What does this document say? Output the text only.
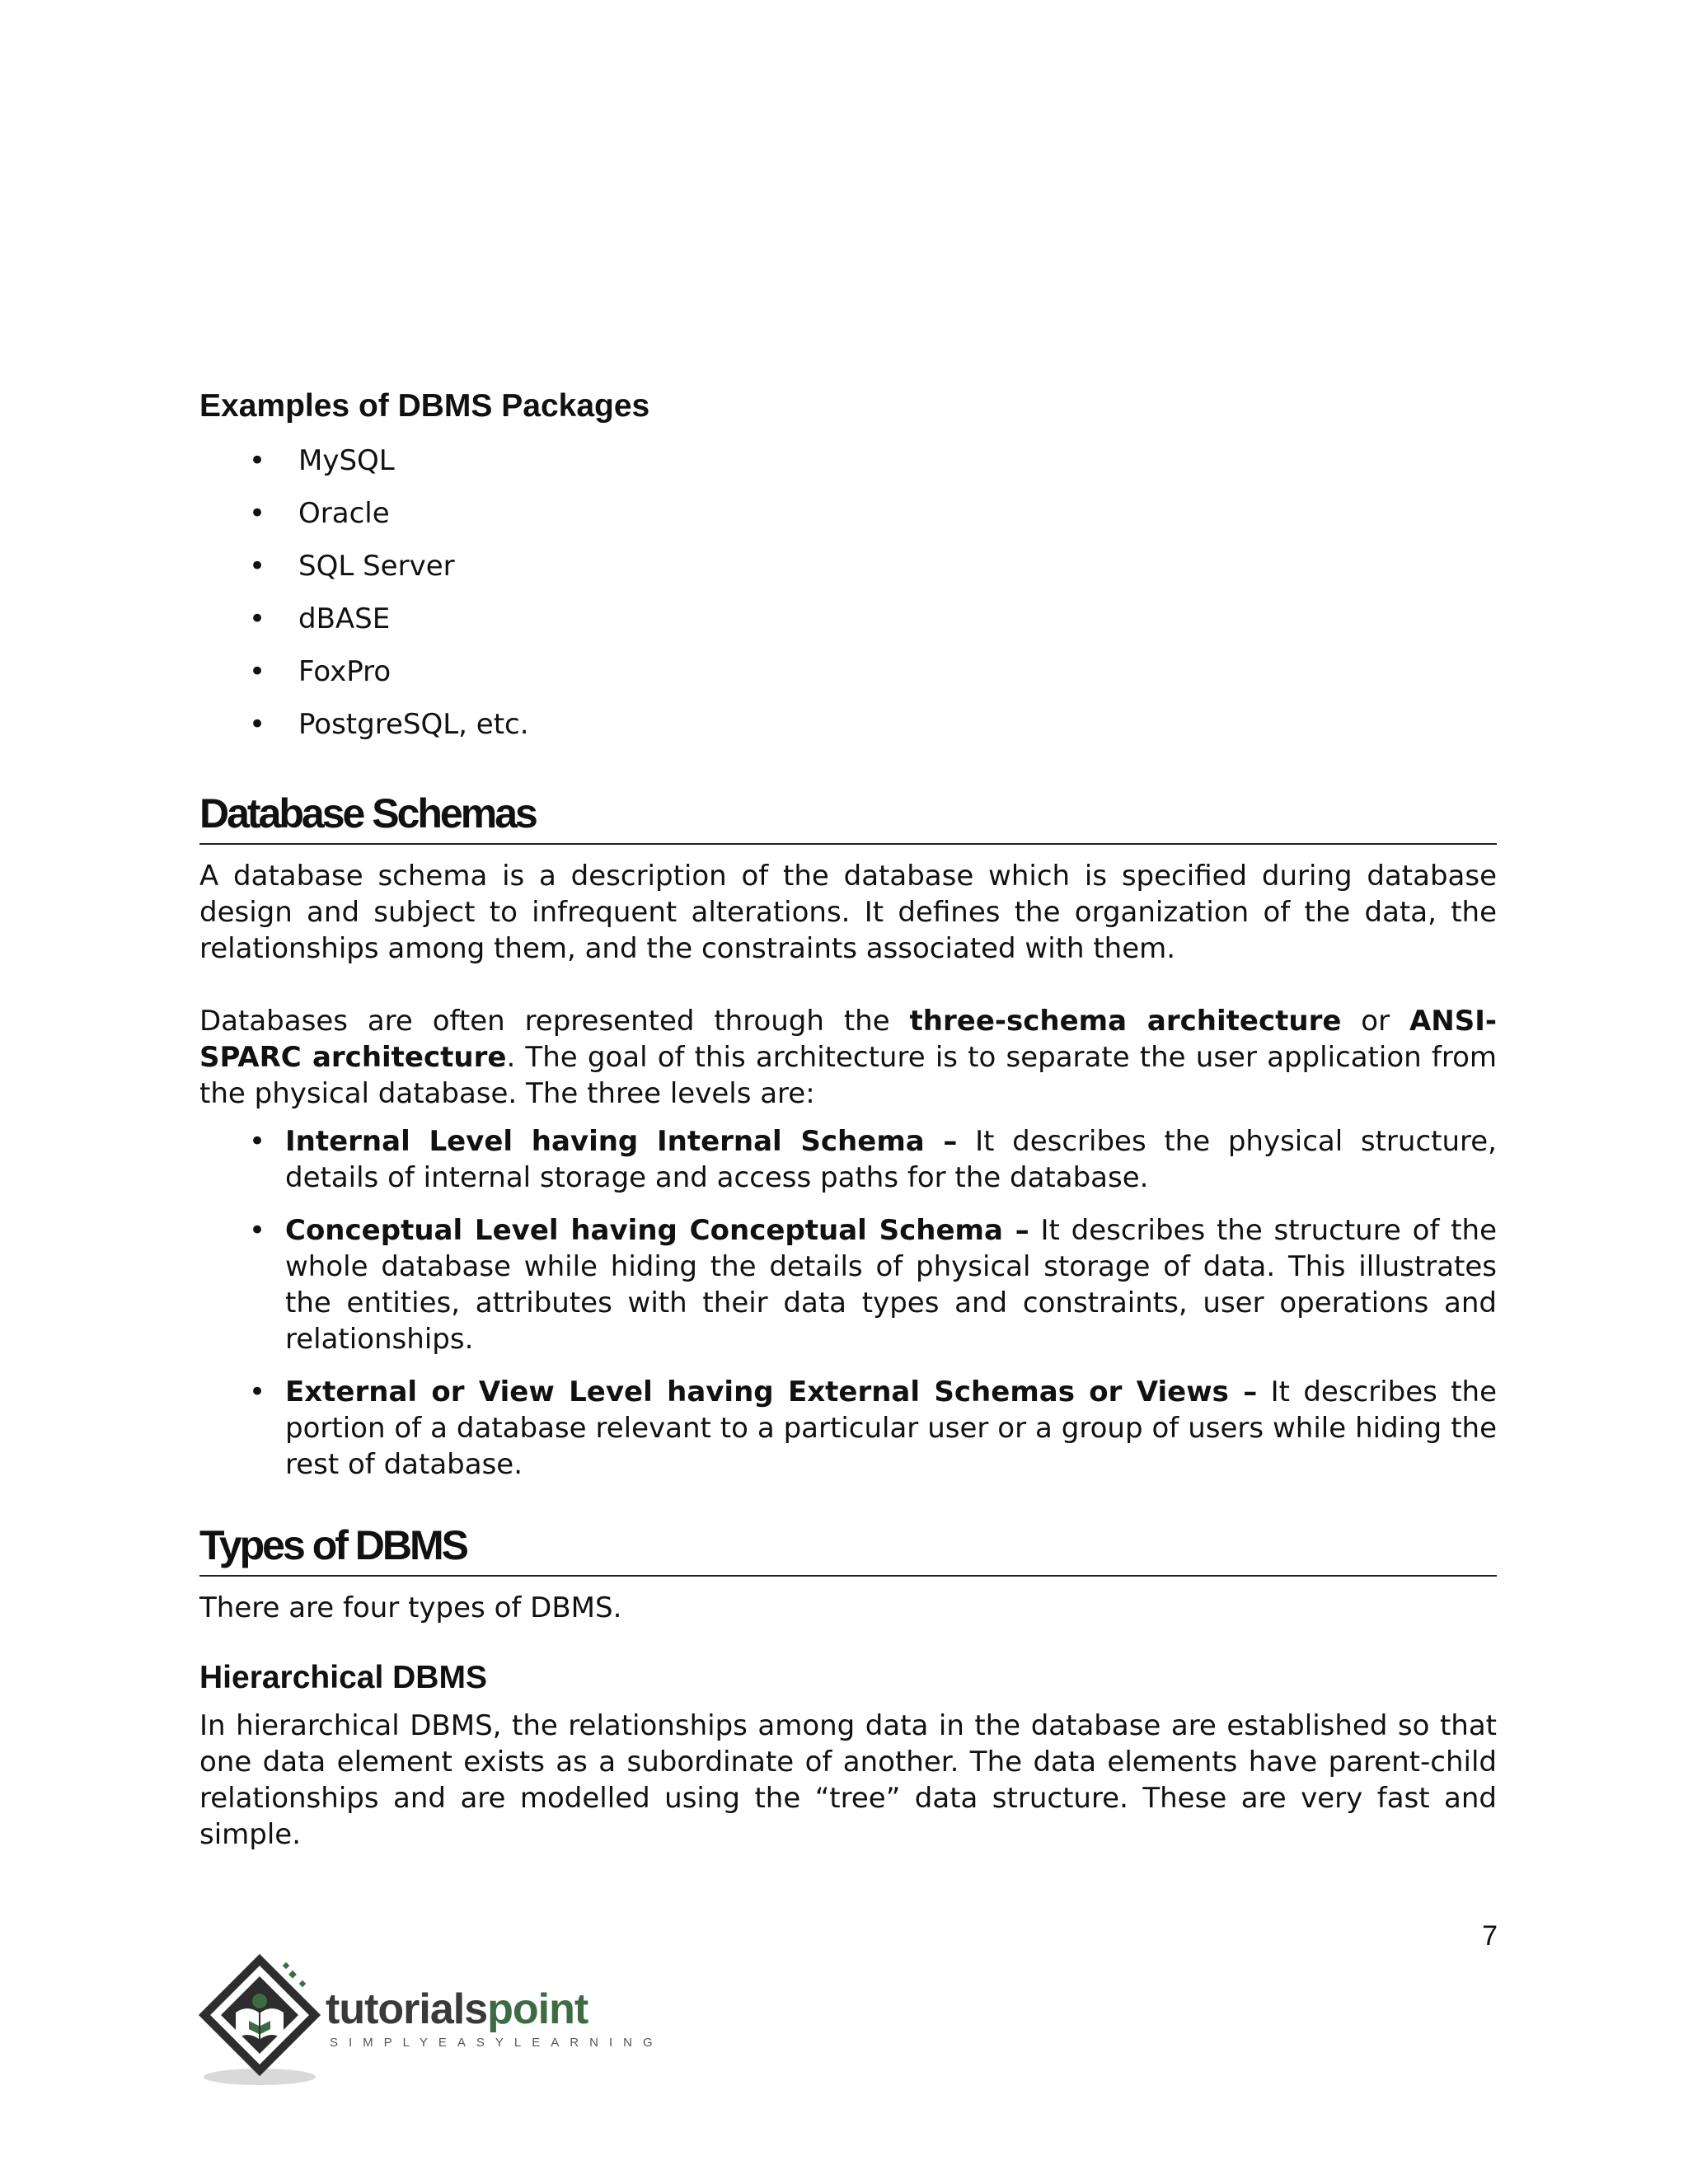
Examples of DBMS Packages
• MySQL
• Oracle
• SQL Server
• dBASE
• FoxPro
• PostgreSQL, etc.
Database Schemas

A database schema is a description of the database which is specified during database design and subject to infrequent alterations. It defines the organization of the data, the relationships among them, and the constraints associated with them.

Databases are often represented through the three-schema architecture or ANSI-SPARC architecture. The goal of this architecture is to separate the user application from the physical database. The three levels are:

• Internal Level having Internal Schema – It describes the physical structure, details of internal storage and access paths for the database.
• Conceptual Level having Conceptual Schema – It describes the structure of the whole database while hiding the details of physical storage of data. This illustrates the entities, attributes with their data types and constraints, user operations and relationships.
• External or View Level having External Schemas or Views – It describes the portion of a database relevant to a particular user or a group of users while hiding the rest of database.
Types of DBMS

There are four types of DBMS.

Hierarchical DBMS

In hierarchical DBMS, the relationships among data in the database are established so that one data element exists as a subordinate of another. The data elements have parent-child relationships and are modelled using the “tree” data structure. These are very fast and simple.

7
tutorialspoint
SIMPLYEASYLEARNING
